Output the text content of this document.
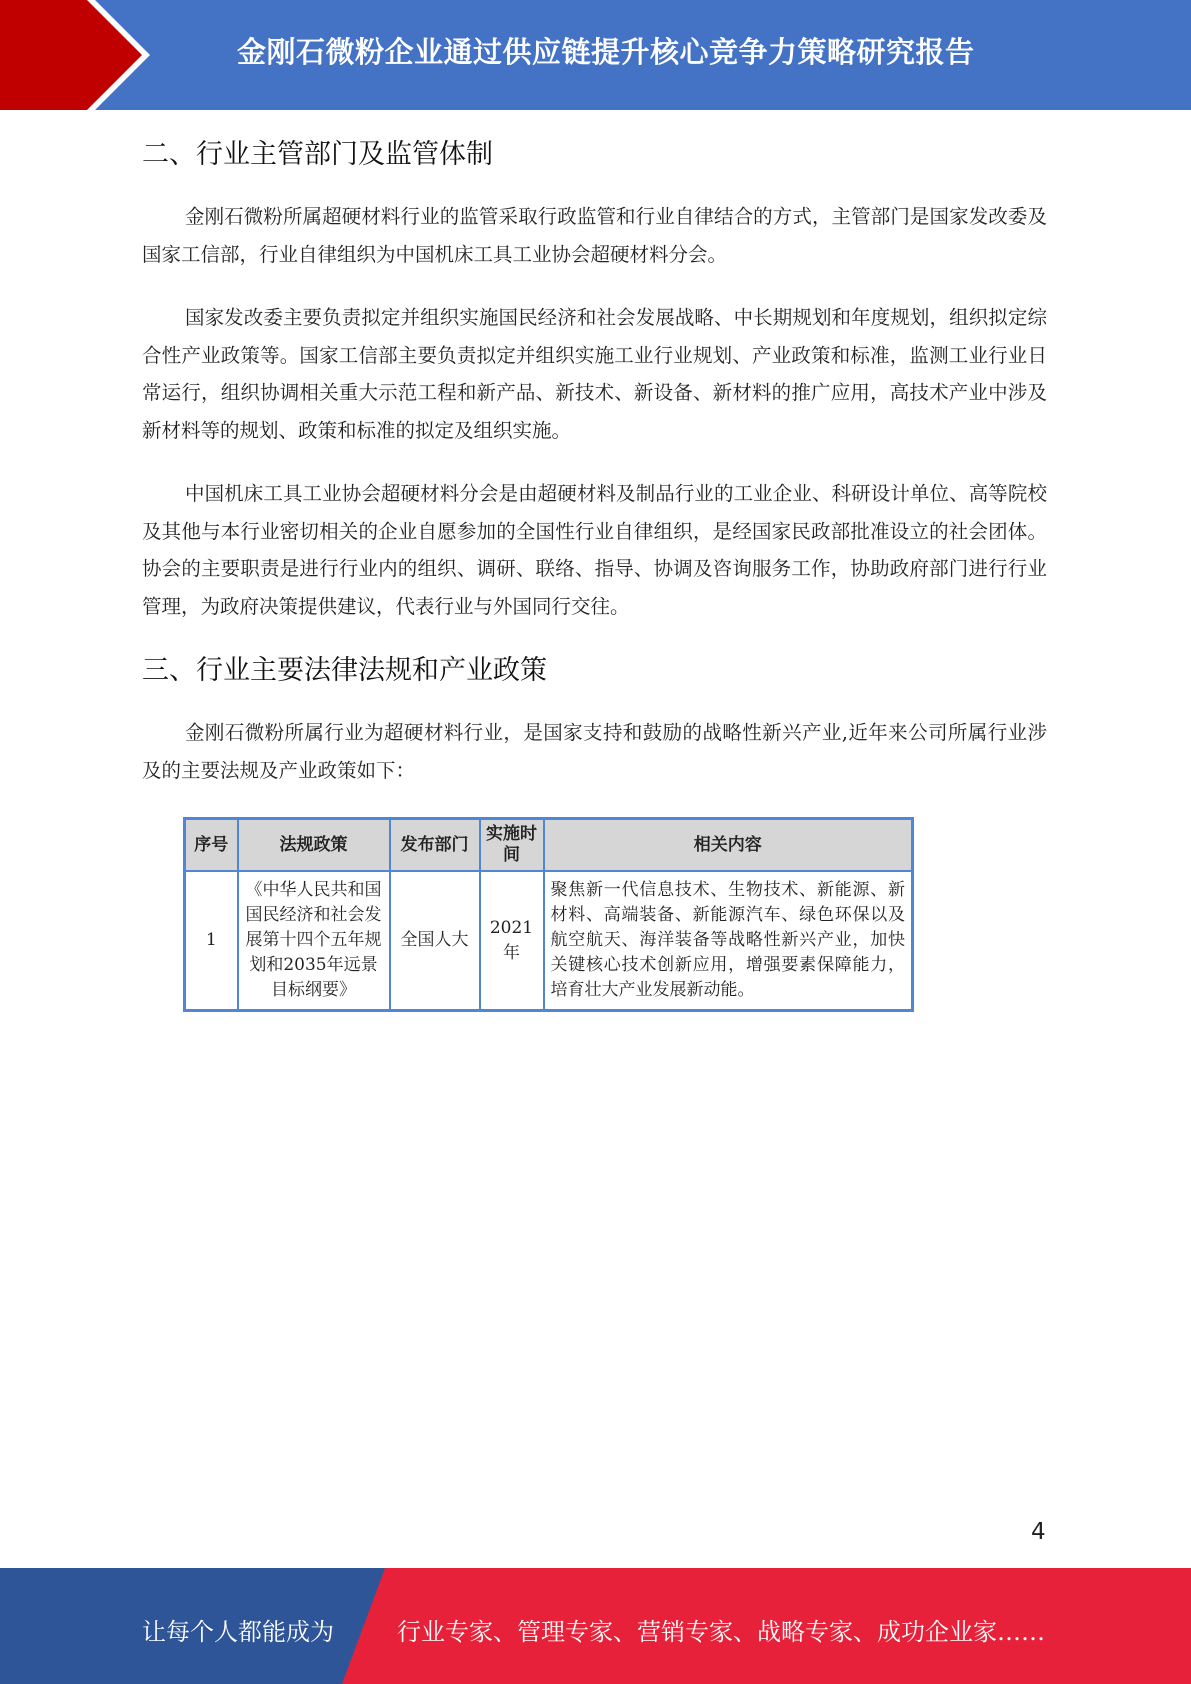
金刚石微粉企业通过供应链提升核心竞争力策略研究报告
二、行业主管部门及监管体制
金刚石微粉所属超硬材料行业的监管采取行政监管和行业自律结合的方式，主管部门是国家发改委及国家工信部，行业自律组织为中国机床工具工业协会超硬材料分会。
国家发改委主要负责拟定并组织实施国民经济和社会发展战略、中长期规划和年度规划，组织拟定综合性产业政策等。国家工信部主要负责拟定并组织实施工业行业规划、产业政策和标准，监测工业行业日常运行，组织协调相关重大示范工程和新产品、新技术、新设备、新材料的推广应用，高技术产业中涉及新材料等的规划、政策和标准的拟定及组织实施。
中国机床工具工业协会超硬材料分会是由超硬材料及制品行业的工业企业、科研设计单位、高等院校及其他与本行业密切相关的企业自愿参加的全国性行业自律组织，是经国家民政部批准设立的社会团体。协会的主要职责是进行行业内的组织、调研、联络、指导、协调及咨询服务工作，协助政府部门进行行业管理，为政府决策提供建议，代表行业与外国同行交往。
三、行业主要法律法规和产业政策
金刚石微粉所属行业为超硬材料行业，是国家支持和鼓励的战略性新兴产业,近年来公司所属行业涉及的主要法规及产业政策如下：
序号	法规政策	发布部门	实施时间	相关内容
1	《中华人民共和国国民经济和社会发展第十四个五年规划和2035年远景目标纲要》	全国人大	2021年	聚焦新一代信息技术、生物技术、新能源、新材料、高端装备、新能源汽车、绿色环保以及航空航天、海洋装备等战略性新兴产业，加快关键核心技术创新应用，增强要素保障能力，培育壮大产业发展新动能。
4
让每个人都能成为	行业专家、管理专家、营销专家、战略专家、成功企业家……
